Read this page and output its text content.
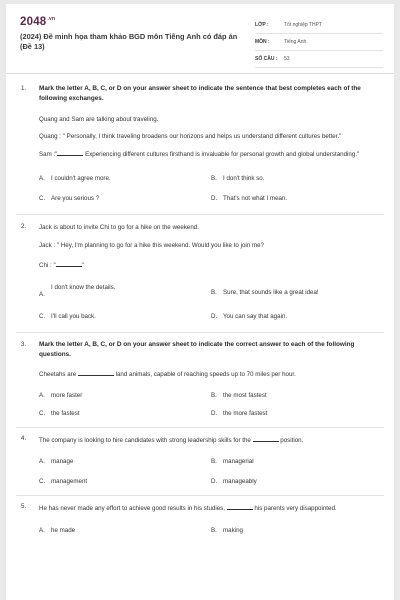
$2048^{.vn}$
(2024) Đề minh họa tham khảo BGD môn Tiếng Anh có đáp án (Đề 13)
LỚP :	Tốt nghiệp THPT
MÔN :	Tiếng Anh
SỐ CÂU :	53
1. Mark the letter A, B, C, or D on your answer sheet to indicate the sentence that best completes each of the following exchanges.
Quang and Sam are talking about traveling.
Quang : " Personally, I think traveling broadens our horizons and helps us understand different cultures better."
Sam :"	Experiencing different cultures firsthand is invaluable for personal growth and global understanding."
A. I couldn't agree more.	B. I don't think so.
C. Are you serious ?	D. That's not what I mean.
2. Jack is about to invite Chi to go for a hike on the weekend.
Jack : " Hey, I'm planning to go for a hike this weekend. Would you like to join me?
Chi : "	"
A.
I don't know the details.
B. Sure, that sounds like a great idea!
C. I'll call you back.	D. You can say that again.
3. Mark the letter A, B, C, or D on your answer sheet to indicate the correct answer to each of the following questions.
Cheetahs are	land animals, capable of reaching speeds up to 70 miles per hour.
A. more faster	B. the most fastest
C. the fastest	D. the more fastest
4. The company is looking to hire candidates with strong leadership skills for the	position.
A. manage	B. managerial
C. management	D. manageably
5. He has never made any effort to achieve good results in his studies,	his parents very disappointed.
A. he made	B. making
